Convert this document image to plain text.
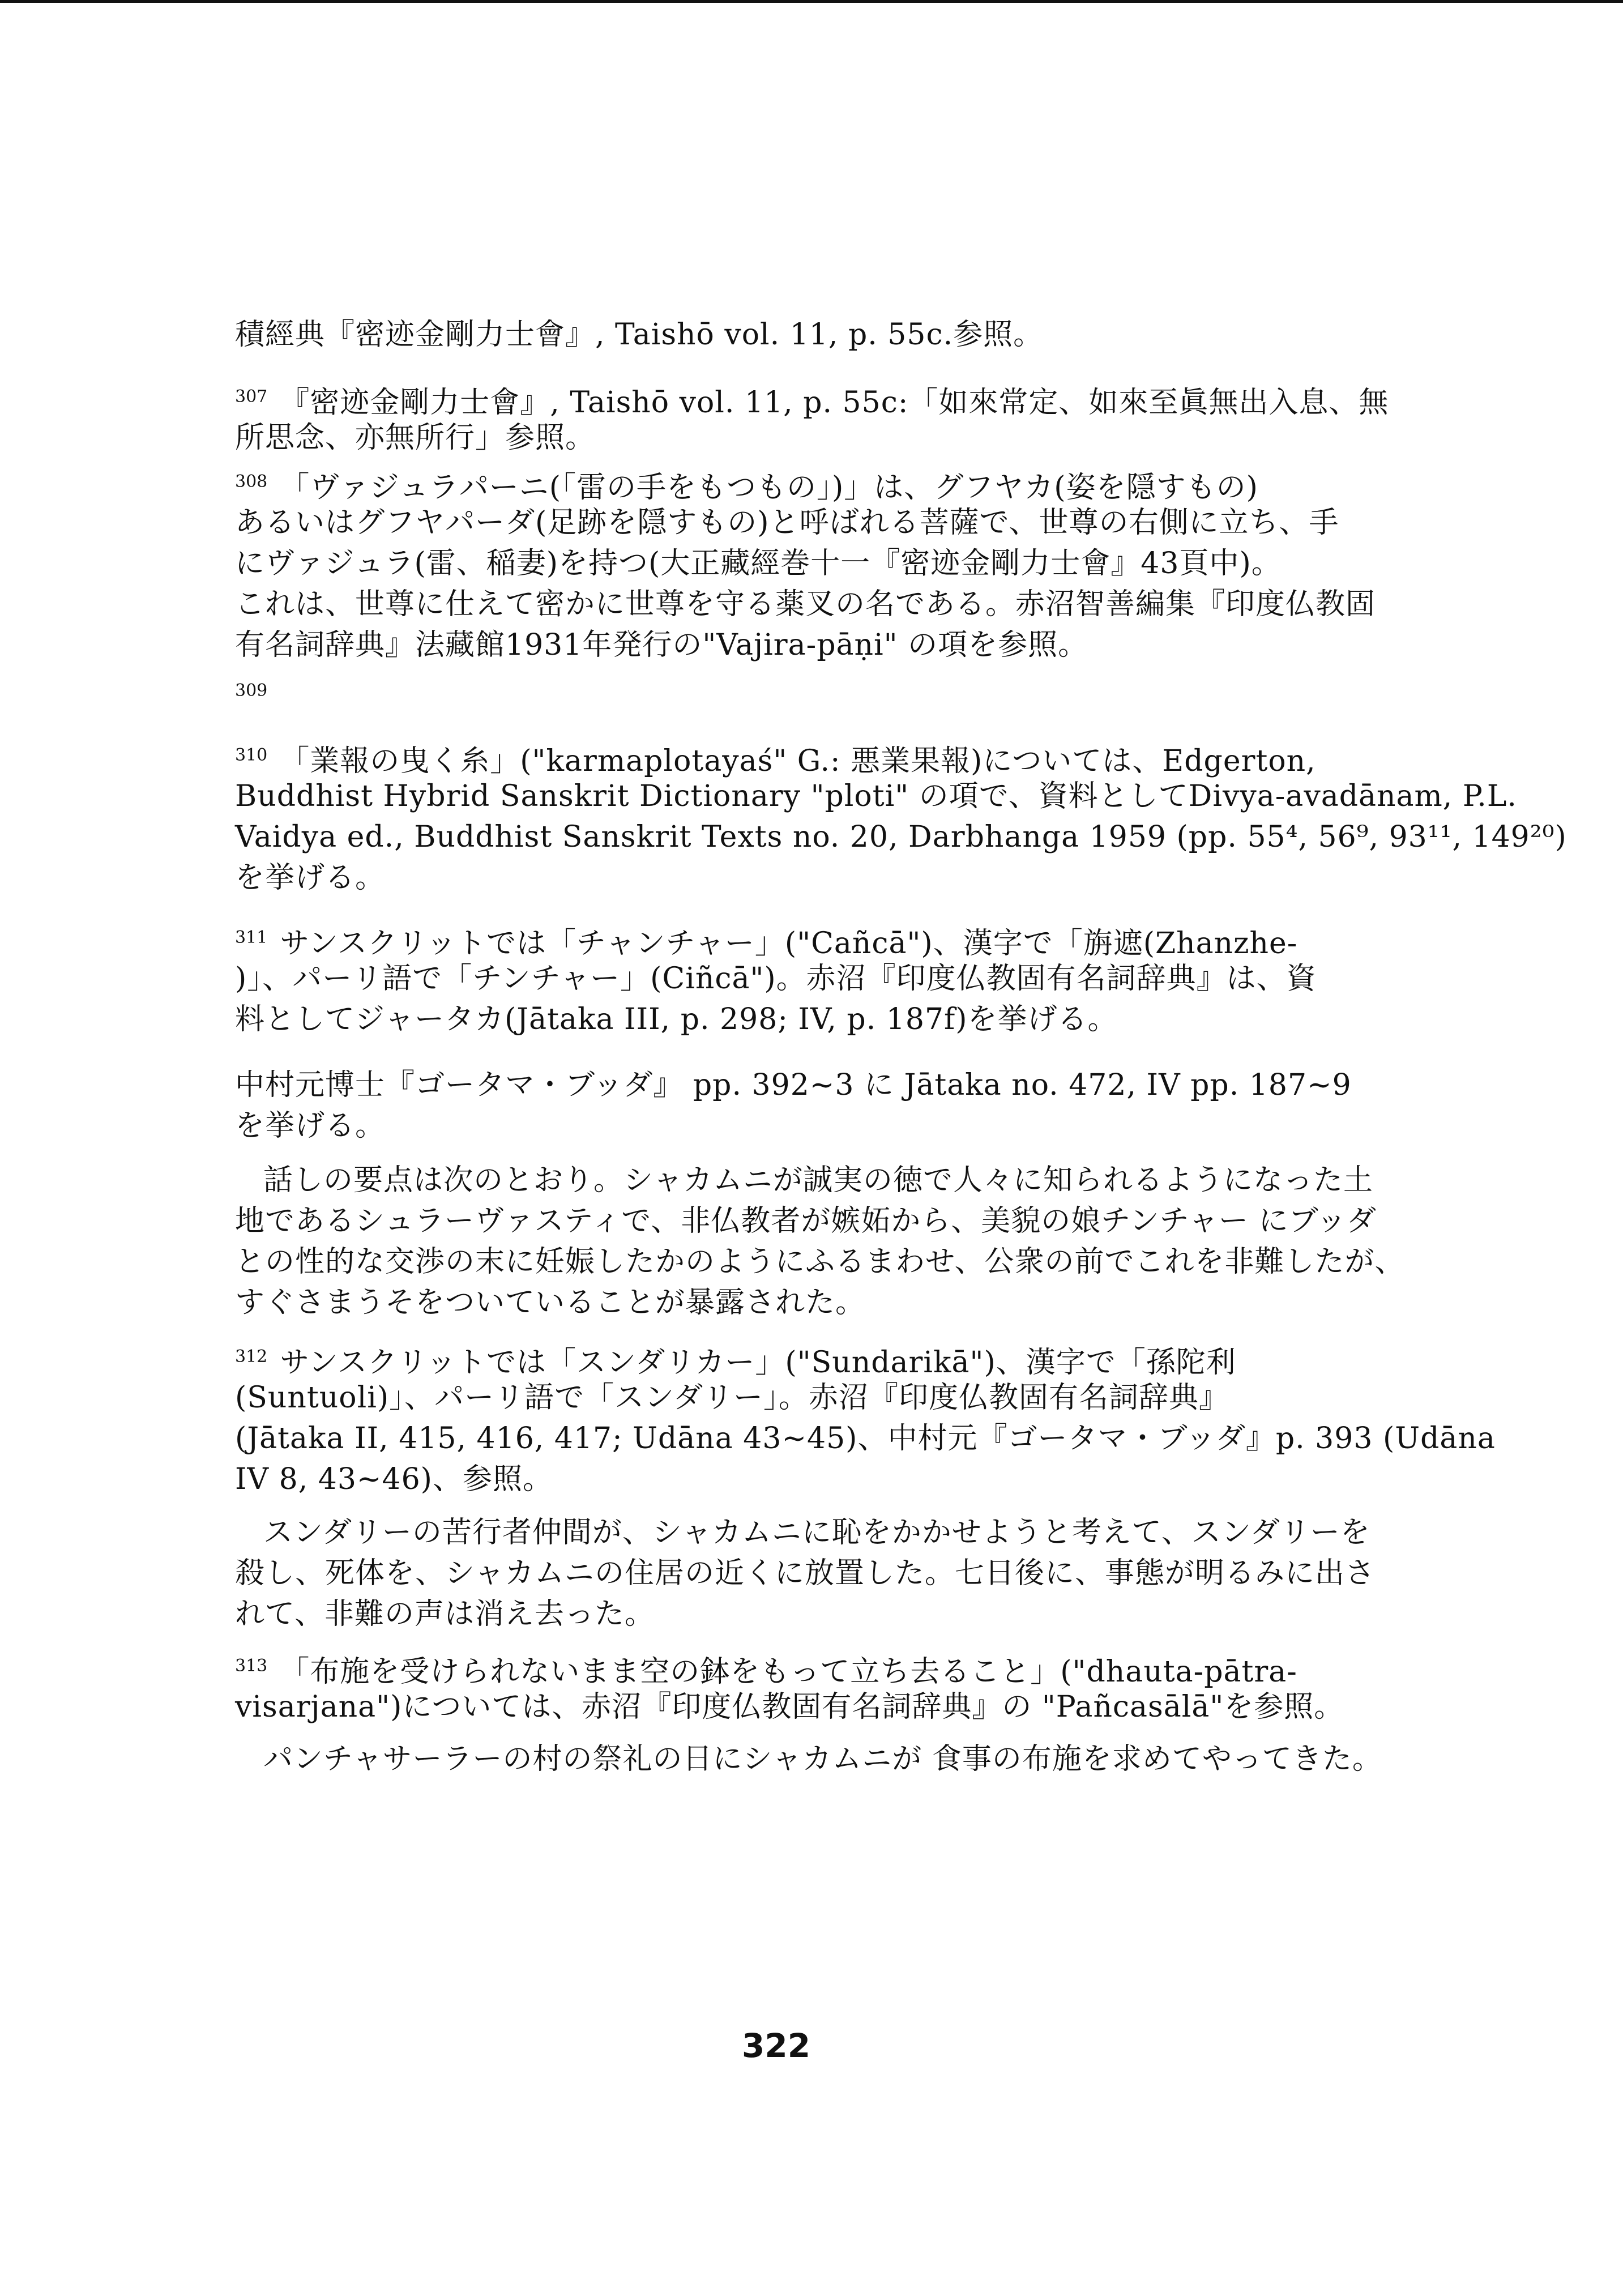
積經典『密迹金剛力士會』, Taishō vol. 11, p. 55c.参照。
$^{307}$ 『密迹金剛力士會』, Taishō vol. 11, p. 55c:「如來常定、如來至眞無出入息、無
所思念、亦無所行」参照。
$^{308}$ 「ヴァジュラパーニ(「雷の手をもつもの」)」は、グフヤカ(姿を隠すもの)
あるいはグフヤパーダ(足跡を隠すもの)と呼ばれる菩薩で、世尊の右側に立ち、手
にヴァジュラ(雷、稲妻)を持つ(大正藏經巻十一『密迹金剛力士會』43頁中)。
これは、世尊に仕えて密かに世尊を守る薬叉の名である。赤沼智善編集『印度仏教固
有名詞辞典』法藏館1931年発行の"Vajira-pāṇi" の項を参照。
309
$^{310}$ 「業報の曳く糸」("karmaplotayaś" G.: 悪業果報)については、Edgerton,
Buddhist Hybrid Sanskrit Dictionary "ploti" の項で、資料としてDivya-avadānam, P.L.
Vaidya ed., Buddhist Sanskrit Texts no. 20, Darbhanga 1959 (pp. 55⁴, 56⁹, 93¹¹, 149²⁰)
を挙げる。
$^{311}$ サンスクリットでは「チャンチャー」("Cañcā")、漢字で「旃遮(Zhanzhe-
)」、パーリ語で「チンチャー」(Ciñcā")。赤沼『印度仏教固有名詞辞典』は、資
料としてジャータカ(Jātaka III, p. 298; IV, p. 187f)を挙げる。
中村元博士『ゴータマ・ブッダ』 pp. 392~3 に Jātaka no. 472, IV pp. 187~9
を挙げる。
話しの要点は次のとおり。シャカムニが誠実の徳で人々に知られるようになった土
地であるシュラーヴァスティで、非仏教者が嫉妬から、美貌の娘チンチャー にブッダ
との性的な交渉の末に妊娠したかのようにふるまわせ、公衆の前でこれを非難したが、
すぐさまうそをついていることが暴露された。
$^{312}$ サンスクリットでは「スンダリカー」("Sundarikā")、漢字で「孫陀利
(Suntuoli)」、パーリ語で「スンダリー」。赤沼『印度仏教固有名詞辞典』
(Jātaka II, 415, 416, 417; Udāna 43~45)、中村元『ゴータマ・ブッダ』p. 393 (Udāna
IV 8, 43~46)、参照。
スンダリーの苦行者仲間が、シャカムニに恥をかかせようと考えて、スンダリーを
殺し、死体を、シャカムニの住居の近くに放置した。七日後に、事態が明るみに出さ
れて、非難の声は消え去った。
$^{313}$ 「布施を受けられないまま空の鉢をもって立ち去ること」("dhauta-pātra-
visarjana")については、赤沼『印度仏教固有名詞辞典』の "Pañcasālā"を参照。
パンチャサーラーの村の祭礼の日にシャカムニが 食事の布施を求めてやってきた。
322
